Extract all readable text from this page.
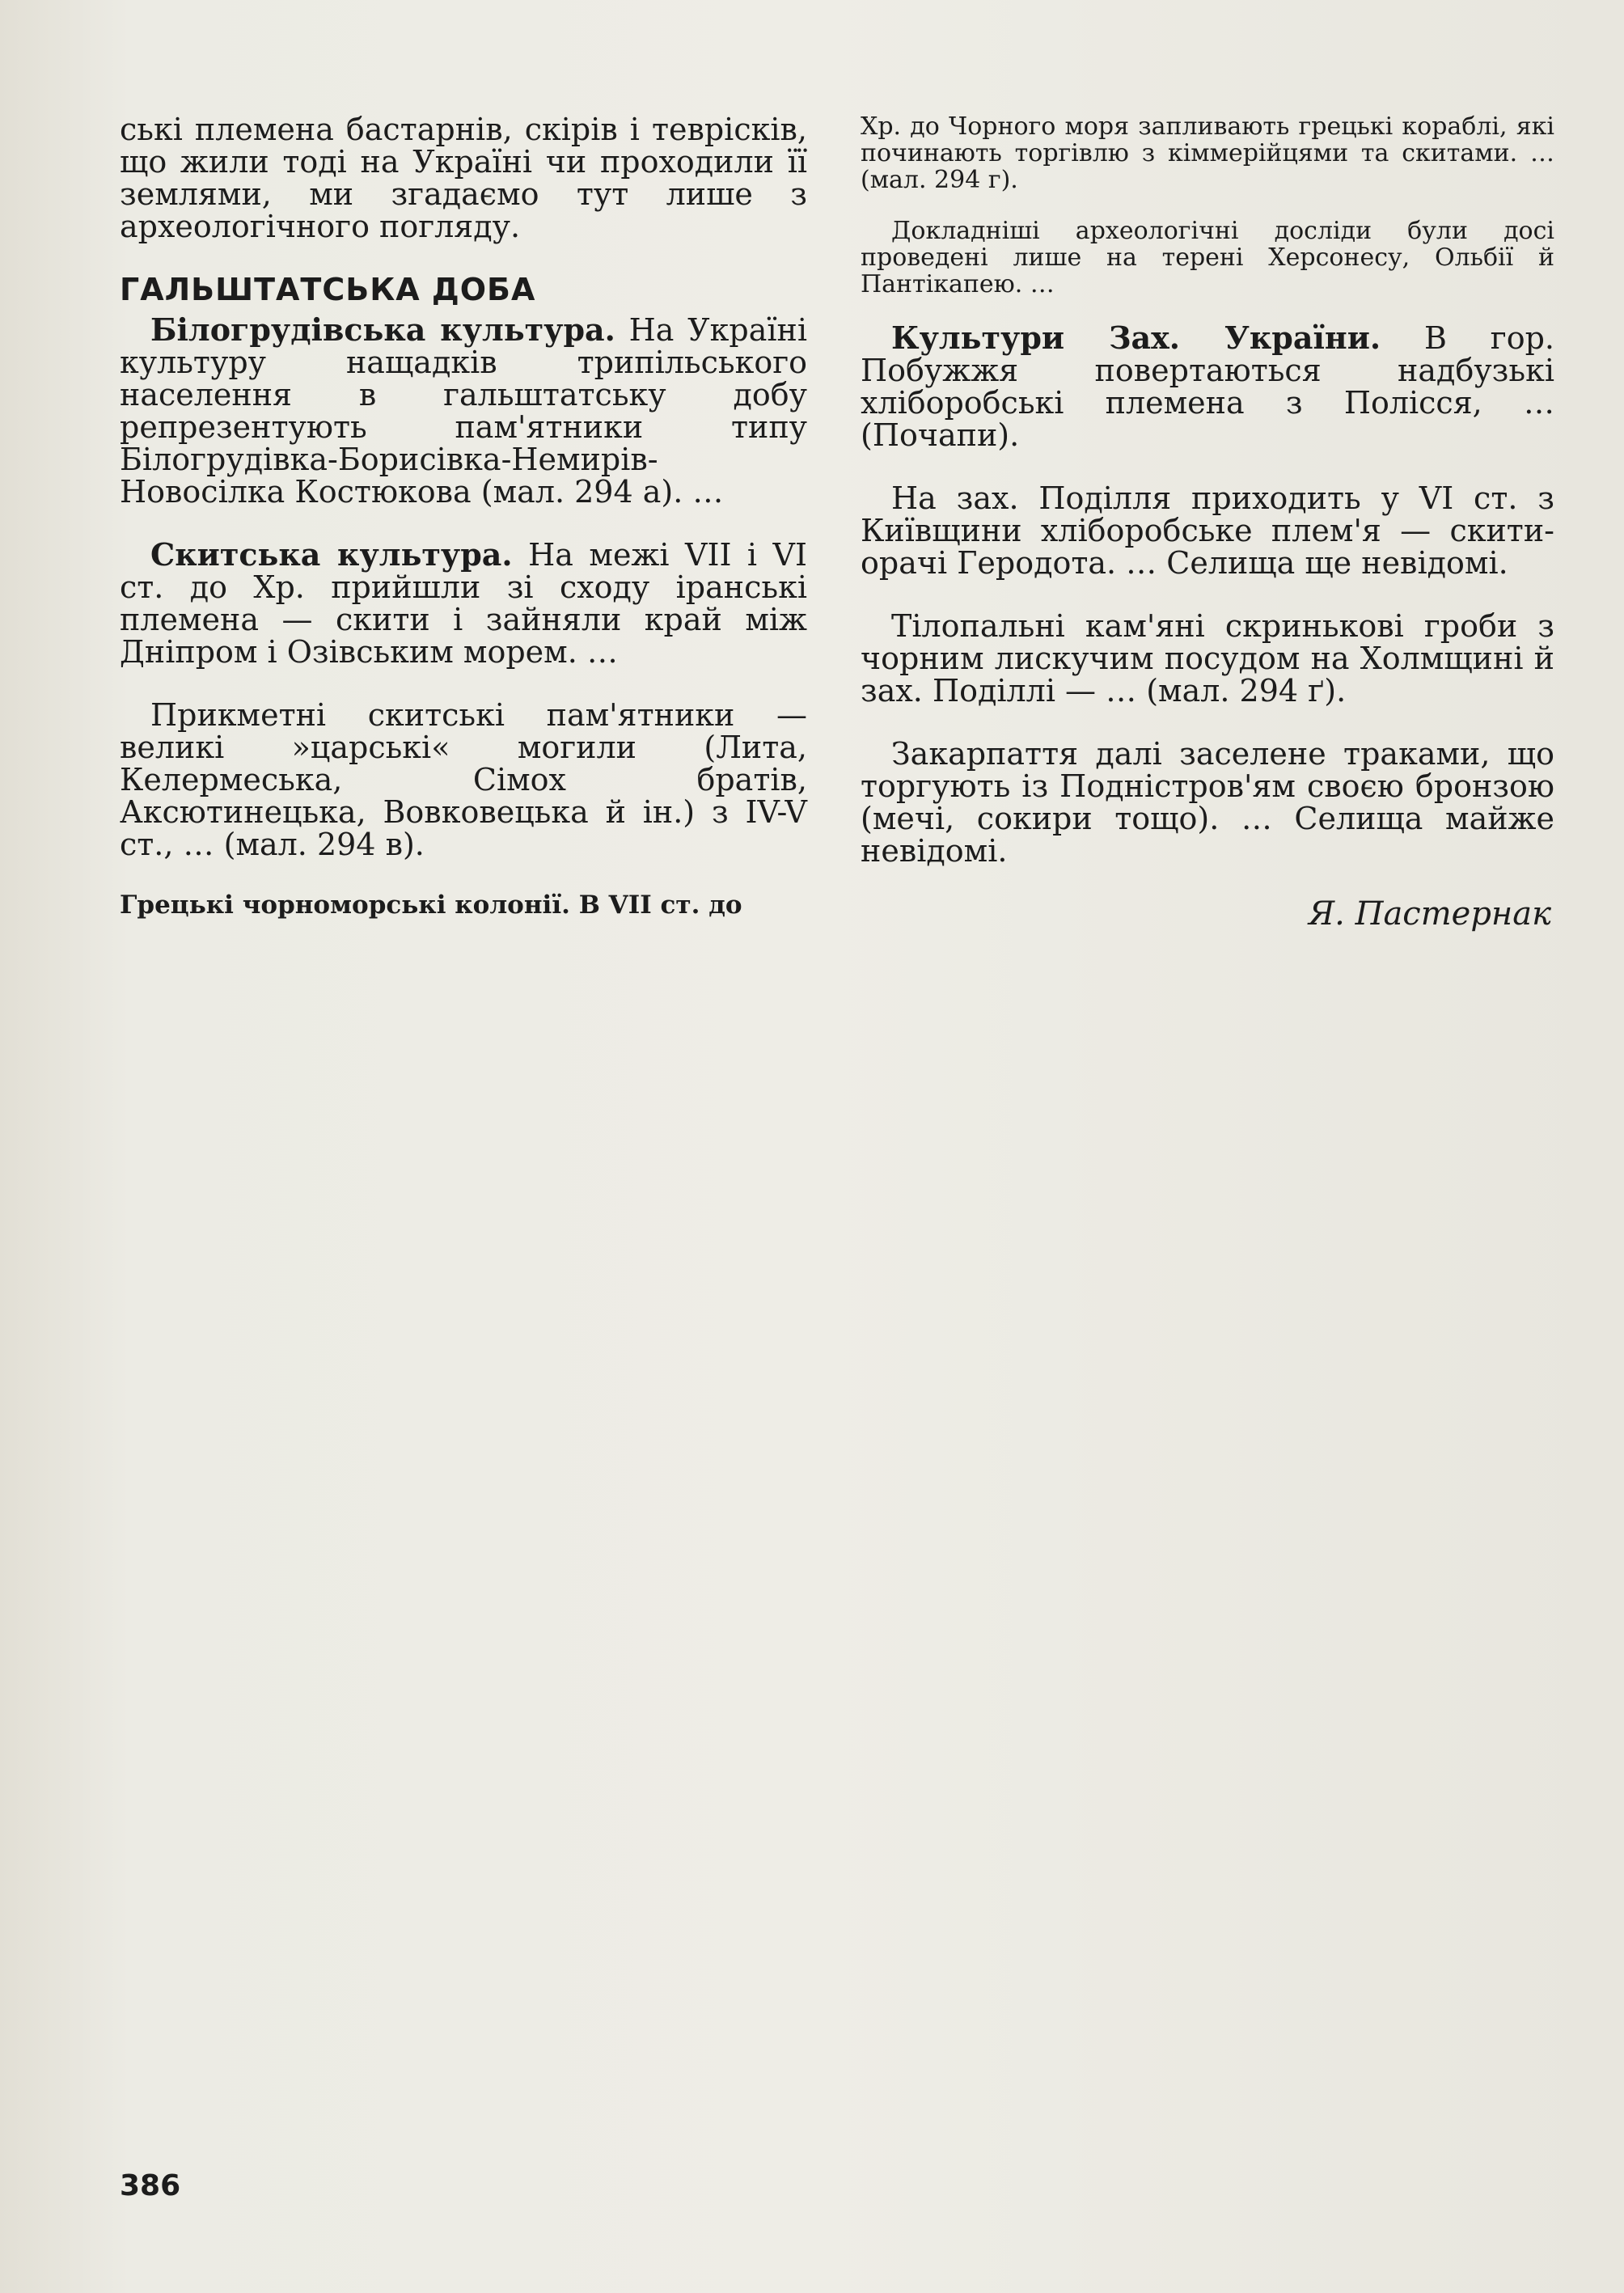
ські племена бастарнів, скірів і теврісків, що жили тоді на Україні чи проходили її землями, ми згадаємо тут лише з археологічного погляду.

ГАЛЬШТАТСЬКА ДОБА

Білогрудівська культура. На Україні культуру нащадків трипільського населення в гальштатську добу репрезентують пам'ятники типу Білогрудівка-Борисівка-Немирів-Новосілка Костюкова (мал. 294 а). …

Скитська культура. На межі VII і VI ст. до Хр. прийшли зі сходу іранські племена — скити і зайняли край між Дніпром і Озівським морем. …

Прикметні скитські пам'ятники — великі »царські« могили (Лита, Келермеська, Сімох братів, Аксютинецька, Вовковецька й ін.) з IV-V ст., … (мал. 294 в).

Грецькі чорноморські колонії. В VII ст. до

Хр. до Чорного моря запливають грецькі кораблі, які починають торгівлю з кіммерійцями та скитами. … (мал. 294 г).

Докладніші археологічні досліди були досі проведені лише на терені Херсонесу, Ольбії й Пантікапею. …

Культури Зах. України. В гор. Побужжя повертаються надбузькі хліборобські племена з Полісся, … (Почапи).

На зах. Поділля приходить у VI ст. з Київщини хліборобське плем'я — скити-орачі Геродота. … Селища ще невідомі.

Тілопальні кам'яні скринькові гроби з чорним лискучим посудом на Холмщині й зах. Поділлі — … (мал. 294 ґ).

Закарпаття далі заселене траками, що торгують із Подністров'ям своєю бронзою (мечі, сокири тощо). … Селища майже невідомі.

Я. Пастернак
386
